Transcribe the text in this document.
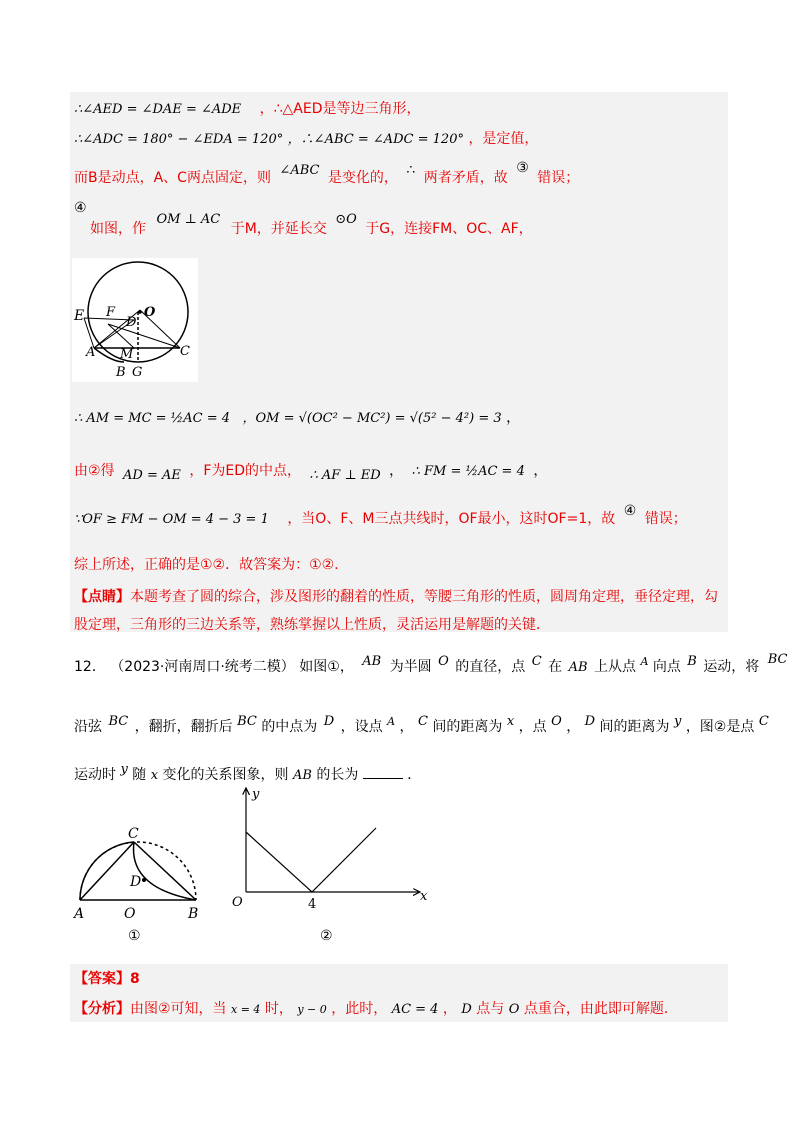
∴∠AED = ∠DAE = ∠ADE ，∴△AED是等边三角形，
∴∠ADC = 180° − ∠EDA = 120° ，∴∠ABC = ∠ADC = 120° ，是定值，
而B是动点，A、C两点固定，则 ∠ABC 是变化的， ∴ 两者矛盾，故 ③ 错误；
④
如图，作 OM ⊥ AC 于M，并延长交 ⊙O 于G，连接FM、OC、AF，
E F O
D
A M	C
B G
∴ AM = MC = ½AC = 4 ，OM = √(OC² − MC²) = √(5² − 4²) = 3 ，
由②得 AD = AE ，F为ED的中点， ∴ AF ⊥ ED ， ∴ FM = ½AC = 4 ，
∵OF ≥ FM − OM = 4 − 3 = 1 ，当O、F、M三点共线时，OF最小，这时OF=1，故 ④ 错误；
综上所述，正确的是①②．故答案为：①②．
【点睛】本题考查了圆的综合，涉及图形的翻着的性质，等腰三角形的性质，圆周角定理，垂径定理，勾
股定理，三角形的三边关系等，熟练掌握以上性质，灵活运用是解题的关键．
12． （2023·河南周口·统考二模） 如图①， AB 为半圆 O 的直径，点 C 在 AB 上从点 $^A$ 向点 B 运动，将 BC
沿弦 BC ，翻折，翻折后 BC 的中点为 D ，设点 $^A$ ， C 间的距离为 x ，点 O ， D 间的距离为 y ，图②是点 C
运动时 y 随 x 变化的关系图象，则 AB 的长为	．
C
D
A	O	B
①
y
x
O	4
②
【答案】8
【分析】由图②可知，当 x = 4 时， y − 0 ，此时， AC = 4 ， D 点与 O 点重合，由此即可解题．
